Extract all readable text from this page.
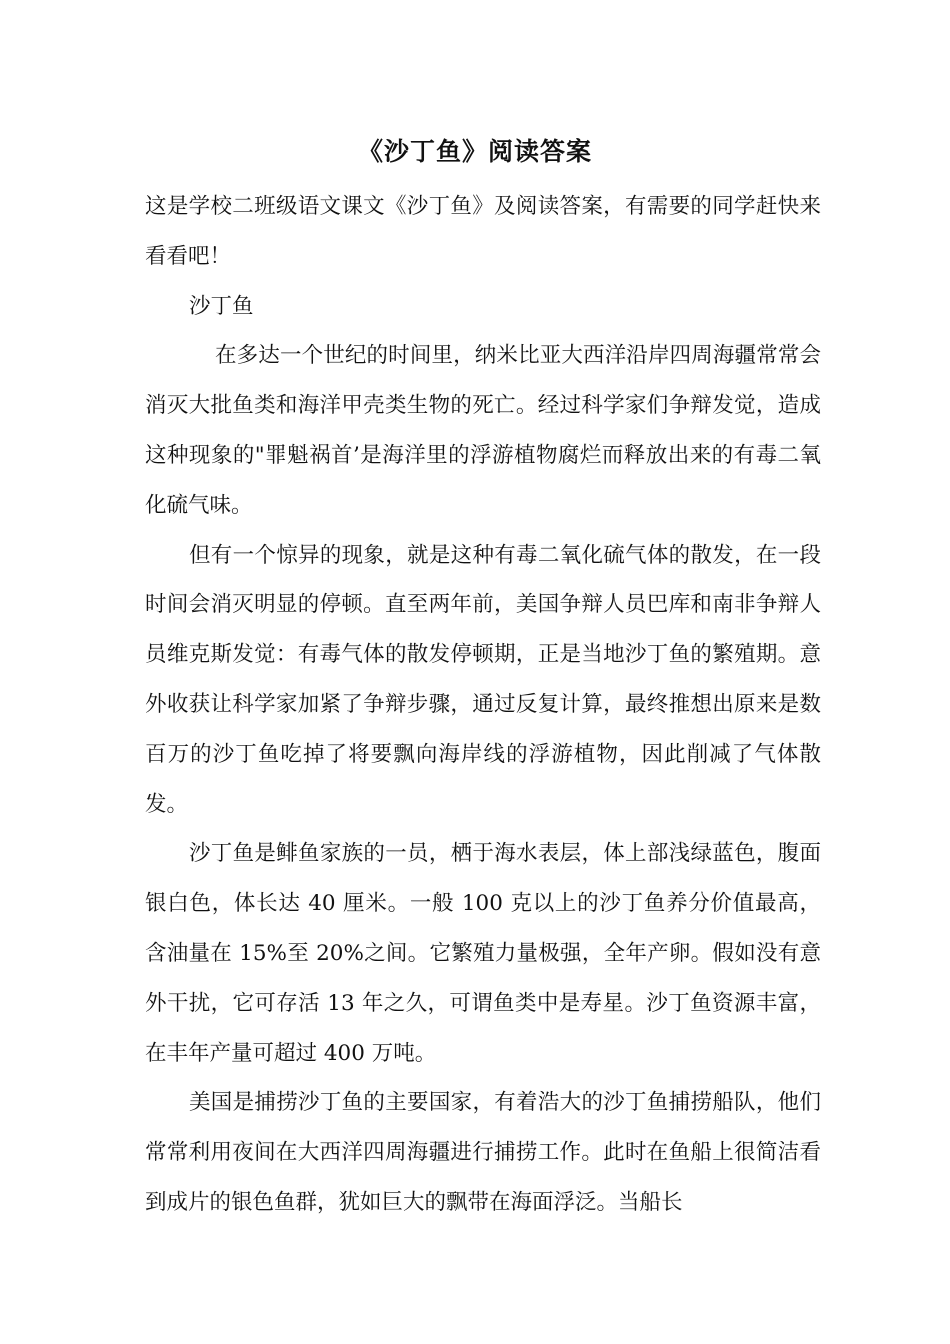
《沙丁鱼》阅读答案

这是学校二班级语文课文《沙丁鱼》及阅读答案，有需要的同学赶快来看看吧！

沙丁鱼

在多达一个世纪的时间里，纳米比亚大西洋沿岸四周海疆常常会消灭大批鱼类和海洋甲壳类生物的死亡。经过科学家们争辩发觉，造成这种现象的"罪魁祸首’是海洋里的浮游植物腐烂而释放出来的有毒二氧化硫气味。

但有一个惊异的现象，就是这种有毒二氧化硫气体的散发，在一段时间会消灭明显的停顿。直至两年前，美国争辩人员巴库和南非争辩人员维克斯发觉：有毒气体的散发停顿期，正是当地沙丁鱼的繁殖期。意外收获让科学家加紧了争辩步骤，通过反复计算，最终推想出原来是数百万的沙丁鱼吃掉了将要飘向海岸线的浮游植物，因此削减了气体散发。

沙丁鱼是鲱鱼家族的一员，栖于海水表层，体上部浅绿蓝色，腹面银白色，体长达 40 厘米。一般 100 克以上的沙丁鱼养分价值最高，含油量在 15%至 20%之间。它繁殖力量极强，全年产卵。假如没有意外干扰，它可存活 13 年之久，可谓鱼类中是寿星。沙丁鱼资源丰富，在丰年产量可超过 400 万吨。

美国是捕捞沙丁鱼的主要国家，有着浩大的沙丁鱼捕捞船队，他们常常利用夜间在大西洋四周海疆进行捕捞工作。此时在鱼船上很简洁看到成片的银色鱼群，犹如巨大的飘带在海面浮泛。当船长
